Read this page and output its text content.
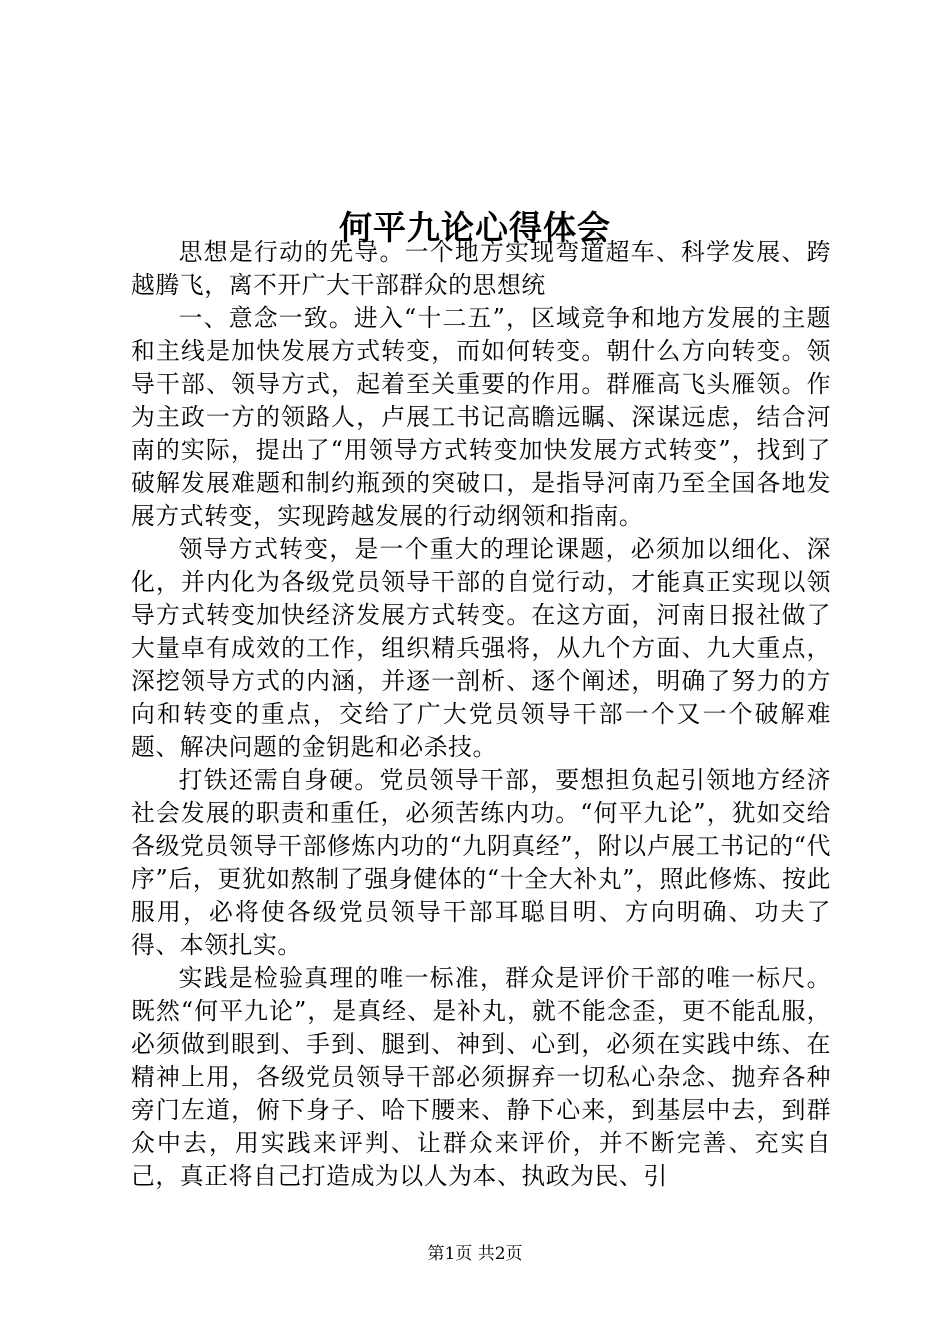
何平九论心得体会

思想是行动的先导。一个地方实现弯道超车、科学发展、跨越腾飞，离不开广大干部群众的思想统

一、意念一致。进入“十二五”，区域竞争和地方发展的主题和主线是加快发展方式转变，而如何转变。朝什么方向转变。领导干部、领导方式，起着至关重要的作用。群雁高飞头雁领。作为主政一方的领路人，卢展工书记高瞻远瞩、深谋远虑，结合河南的实际，提出了“用领导方式转变加快发展方式转变”，找到了破解发展难题和制约瓶颈的突破口，是指导河南乃至全国各地发展方式转变，实现跨越发展的行动纲领和指南。

领导方式转变，是一个重大的理论课题，必须加以细化、深化，并内化为各级党员领导干部的自觉行动，才能真正实现以领导方式转变加快经济发展方式转变。在这方面，河南日报社做了大量卓有成效的工作，组织精兵强将，从九个方面、九大重点，深挖领导方式的内涵，并逐一剖析、逐个阐述，明确了努力的方向和转变的重点，交给了广大党员领导干部一个又一个破解难题、解决问题的金钥匙和必杀技。

打铁还需自身硬。党员领导干部，要想担负起引领地方经济社会发展的职责和重任，必须苦练内功。“何平九论”，犹如交给各级党员领导干部修炼内功的“九阴真经”，附以卢展工书记的“代序”后，更犹如熬制了强身健体的“十全大补丸”，照此修炼、按此服用，必将使各级党员领导干部耳聪目明、方向明确、功夫了得、本领扎实。

实践是检验真理的唯一标准，群众是评价干部的唯一标尺。既然“何平九论”，是真经、是补丸，就不能念歪，更不能乱服，必须做到眼到、手到、腿到、神到、心到，必须在实践中练、在精神上用，各级党员领导干部必须摒弃一切私心杂念、抛弃各种旁门左道，俯下身子、哈下腰来、静下心来，到基层中去，到群众中去，用实践来评判、让群众来评价，并不断完善、充实自己，真正将自己打造成为以人为本、执政为民、引

第1页 共2页
